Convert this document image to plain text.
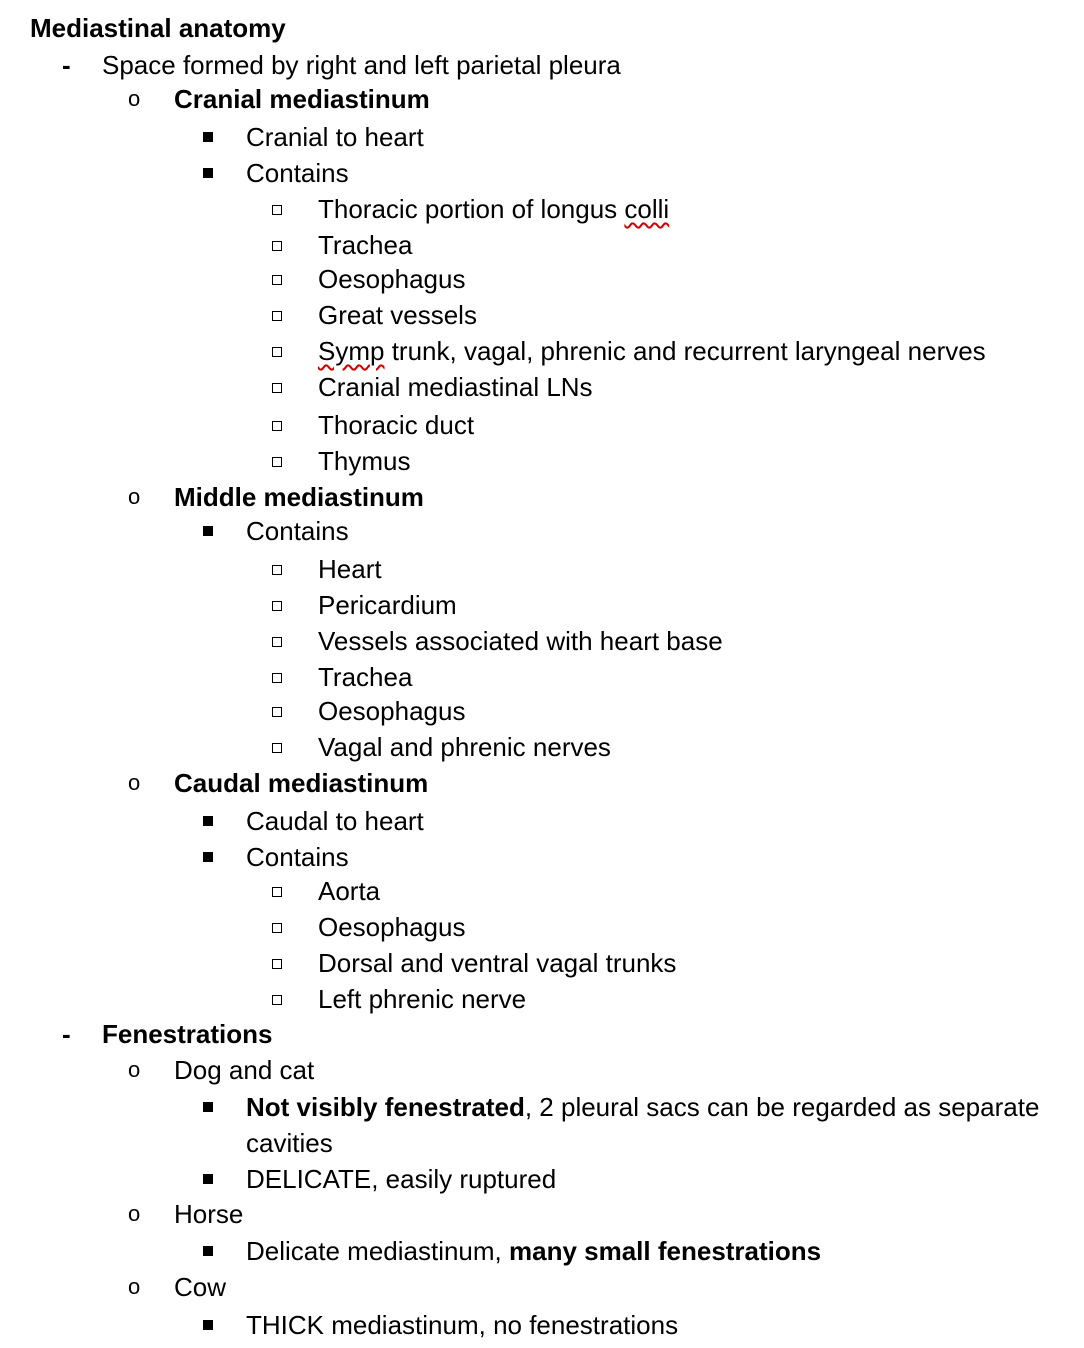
Mediastinal anatomy
- Space formed by right and left parietal pleura
o Cranial mediastinum
Cranial to heart
Contains
Thoracic portion of longus colli
Trachea
Oesophagus
Great vessels
Symp trunk, vagal, phrenic and recurrent laryngeal nerves
Cranial mediastinal LNs
Thoracic duct
Thymus
o Middle mediastinum
Contains
Heart
Pericardium
Vessels associated with heart base
Trachea
Oesophagus
Vagal and phrenic nerves
o Caudal mediastinum
Caudal to heart
Contains
Aorta
Oesophagus
Dorsal and ventral vagal trunks
Left phrenic nerve
- Fenestrations
o Dog and cat
Not visibly fenestrated, 2 pleural sacs can be regarded as separate
cavities
DELICATE, easily ruptured
o Horse
Delicate mediastinum, many small fenestrations
o Cow
THICK mediastinum, no fenestrations
